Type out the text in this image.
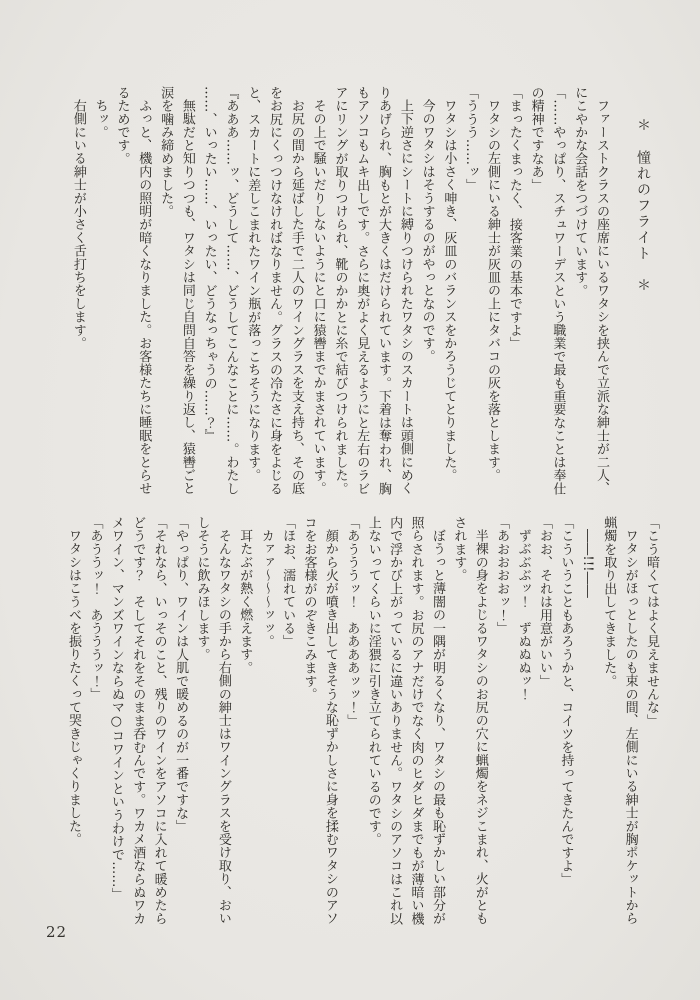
＊　憧れのフライト　＊

ファーストクラスの座席にいるワタシを挟んで立派な紳士が二人、

にこやかな会話をつづけています。

「……やっぱり、スチュワーデスという職業で最も重要なことは奉仕

の精神ですなあ」

「まったくまったく、接客業の基本ですよ」

ワタシの左側にいる紳士が灰皿の上にタバコの灰を落とします。

「ううう……ッ」

ワタシは小さく呻き、灰皿のバランスをかろうじてとりました。

今のワタシはそうするのがやっとなのです。

上下逆さにシートに縛りつけられたワタシのスカートは頭側にめく

りあげられ、胸もとが大きくはだけられています。下着は奪われ、胸

もアソコもムキ出しです。さらに奥がよく見えるようにと左右のラビ

アにリングが取りつけられ、靴のかかとに糸で結びつけられました。

その上で騒いだりしないようにと口に猿轡までかまされています。

お尻の間から延ばした手で二人のワイングラスを支え持ち、その底

をお尻にくっつけなければなりません。グラスの冷たさに身をよじる

と、スカートに差しこまれたワイン瓶が落っこちそうになります。

『あああ……ッ、どうして……、どうしてこんなことに……。わたし

……、いったい……、いったい、どうなっちゃうの……？』

無駄だと知りつつも、ワタシは同じ自問自答を繰り返し、猿轡ごと

涙を噛み締めました。

ふっと、機内の照明が暗くなりました。お客様たちに睡眠をとらせ

るためです。

ちッ。

右側にいる紳士が小さく舌打ちをします。

「こう暗くてはよく見えませんな」

ワタシがほっとしたのも束の間、左側にいる紳士が胸ポケットから

蝋燭を取り出してきました。

――!!!――

「こういうこともあろうかと、コイツを持ってきたんですよ」

「おお、それは用意がいい」

ずぶぶぶッ！　ずぬぬぬッ！

「あおおおおッ！」

半裸の身をよじるワタシのお尻の穴に蝋燭をネジこまれ、火がとも

されます。

ぼうっと薄闇の一隅が明るくなり、ワタシの最も恥ずかしい部分が

照らされます。お尻のアナだけでなく肉のヒダヒダまでもが薄暗い機

内で浮かび上がっているに違いありません。ワタシのアソコはこれ以

上ないってくらいに淫猥に引き立てられているのです。

「あうううッ！　ああああッッ！」

顔から火が噴き出してきそうな恥ずかしさに身を揉むワタシのアソ

コをお客様がのぞきこみます。

「ほお、濡れている」

カァァ～～～ッッ。

耳たぶが熱く燃えます。

そんなワタシの手から右側の紳士はワイングラスを受け取り、おい

しそうに飲みほします。

「やっぱり、ワインは人肌で暖めるのが一番ですな」

「それなら、いっそのこと、残りのワインをアソコに入れて暖めたら

どうです？　そしてそれをそのまま呑むんです。ワカメ酒ならぬワカ

メワイン、マンズワインならぬマ○コワインというわけで……」

「あううッ！　あうううッ！」

ワタシはこうべを振りたくって哭きじゃくりました。

22
